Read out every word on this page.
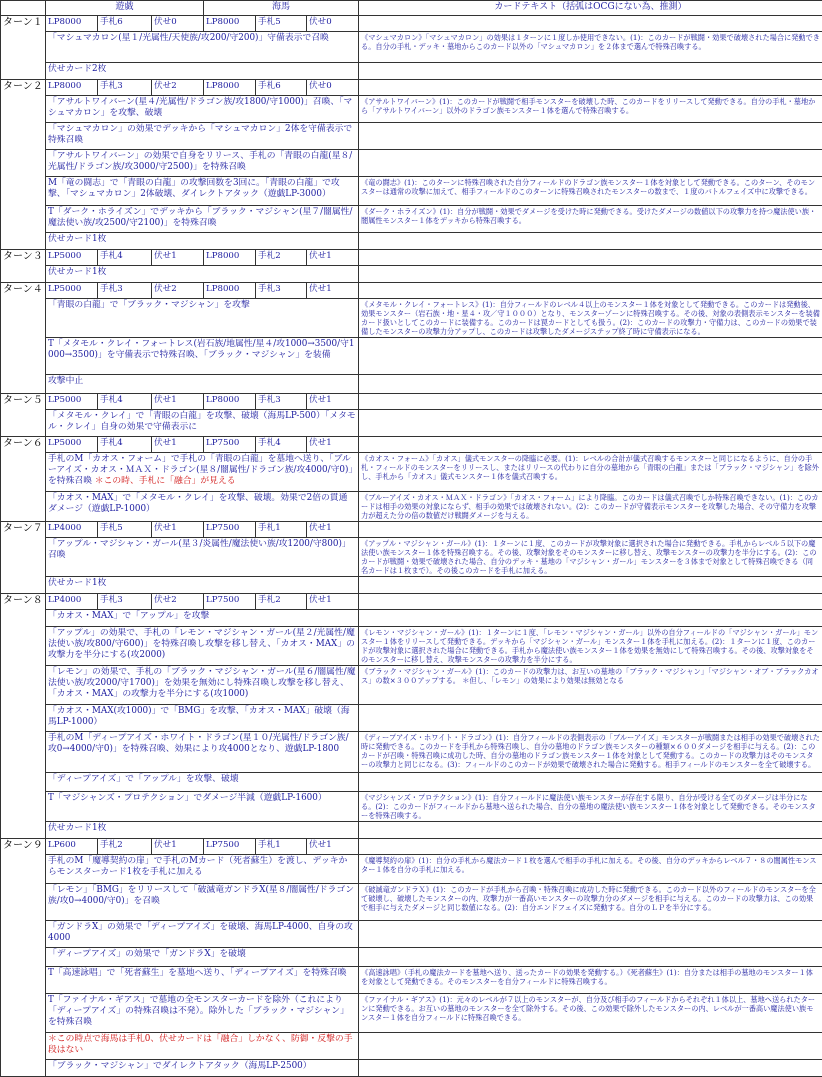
	遊戯			海馬			カードテキスト（括弧はOCGにない為、推測）
ターン１	LP8000	手札6	伏せ0	LP8000	手札5	伏せ0	
	「マシュマカロン(星１/光属性/天使族/攻200/守200)」守備表示で召喚						《マシュマカロン》「マシュマカロン」の効果は１ターンに１度しか使用できない。(1)：このカードが戦闘・効果で破壊された場合に発動できる。自分の手札・デッキ・墓地からこのカード以外の「マシュマカロン」を２体まで選んで特殊召喚する。
	伏せカード2枚						
ターン２	LP8000	手札3	伏せ2	LP8000	手札6	伏せ0	
	「アサルトワイバーン(星４/光属性/ドラゴン族/攻1800/守1000)」召喚、「マシュマカロン」を攻撃、破壊						《アサルトワイバーン》(1)：このカードが戦闘で相手モンスターを破壊した時、このカードをリリースして発動できる。自分の手札・墓地から「アサルトワイバーン」以外のドラゴン族モンスター１体を選んで特殊召喚する。
	「マシュマカロン」の効果でデッキから「マシュマカロン」2体を守備表示で特殊召喚						
	「アサルトワイバーン」の効果で自身をリリース、手札の「青眼の白龍(星８/光属性/ドラゴン族/攻3000/守2500)」を特殊召喚						
	M「竜の闘志」で「青眼の白龍」の攻撃回数を3回に。「青眼の白龍」で攻撃、「マシュマカロン」2体破壊、ダイレクトアタック（遊戯LP-3000）						《竜の闘志》(1)：このターンに特殊召喚された自分フィールドのドラゴン族モンスター１体を対象として発動できる。このターン、そのモンスターは通常の攻撃に加えて、相手フィールドのこのターンに特殊召喚されたモンスターの数まで、１度のバトルフェイズ中に攻撃できる。
	T「ダーク・ホライズン」でデッキから「ブラック・マジシャン(星７/闇属性/魔法使い族/攻2500/守2100)」を特殊召喚						《ダーク・ホライズン》(1)：自分が戦闘・効果でダメージを受けた時に発動できる。受けたダメージの数値以下の攻撃力を持つ魔法使い族・闇属性モンスター１体をデッキから特殊召喚する。
	伏せカード1枚						
ターン３	LP5000	手札4	伏せ1	LP8000	手札2	伏せ1	
	伏せカード1枚						
ターン４	LP5000	手札3	伏せ2	LP8000	手札3	伏せ1	
	「青眼の白龍」で「ブラック・マジシャン」を攻撃						《メタモル・クレイ・フォートレス》(1)：自分フィールドのレベル４以上のモンスター１体を対象として発動できる。このカードは発動後、効果モンスター（岩石族・地・星４・攻／守１０００）となり、モンスターゾーンに特殊召喚する。その後、対象の表側表示モンスターを装備カード扱いとしてこのカードに装備する。このカードは罠カードとしても扱う。(2)：このカードの攻撃力・守備力は、このカードの効果で装備したモンスターの攻撃力分アップし、このカードは攻撃したダメージステップ終了時に守備表示になる。
	T「メタモル・クレイ・フォートレス(岩石族/地属性/星４/攻1000→3500/守1000→3500)」を守備表示で特殊召喚、「ブラック・マジシャン」を装備						
	攻撃中止						
ターン５	LP5000	手札4	伏せ1	LP8000	手札3	伏せ1	
	「メタモル・クレイ」で「青眼の白龍」を攻撃、破壊（海馬LP-500）「メタモル・クレイ」自身の効果で守備表示に						
ターン６	LP5000	手札4	伏せ1	LP7500	手札4	伏せ1	
	手札のM「カオス・フォーム」で手札の「青眼の白龍」を墓地へ送り、「ブルーアイズ・カオス・ＭＡＸ・ドラゴン(星８/闇属性/ドラゴン族/攻4000/守0)」を特殊召喚 ＊この時、手札に「融合」が見える						《カオス・フォーム》「カオス」儀式モンスターの降臨に必要。(1)：レベルの合計が儀式召喚するモンスターと同じになるように、自分の手札・フィールドのモンスターをリリースし、またはリリースの代わりに自分の墓地から「青眼の白龍」または「ブラック・マジシャン」を除外し、手札から「カオス」儀式モンスター１体を儀式召喚する。
	「カオス・MAX」で「メタモル・クレイ」を攻撃、破壊。効果で2倍の貫通ダメージ（遊戯LP-1000）						《ブルーアイズ・カオス・ＭＡＸ・ドラゴン》「カオス・フォーム」により降臨。このカードは儀式召喚でしか特殊召喚できない。(1)：このカードは相手の効果の対象にならず、相手の効果では破壊されない。(2)：このカードが守備表示モンスターを攻撃した場合、その守備力を攻撃力が超えた分の倍の数値だけ戦闘ダメージを与える。
ターン７	LP4000	手札5	伏せ1	LP7500	手札1	伏せ1	
	「アップル・マジシャン・ガール(星３/炎属性/魔法使い族/攻1200/守800)」召喚						《アップル・マジシャン・ガール》(1)：１ターンに１度、このカードが攻撃対象に選択された場合に発動できる。手札からレベル５以下の魔法使い族モンスター１体を特殊召喚する。その後、攻撃対象をそのモンスターに移し替え、攻撃モンスターの攻撃力を半分にする。(2)：このカードが戦闘・効果で破壊された場合、自分のデッキ・墓地の「マジシャン・ガール」モンスターを３体まで対象として特殊召喚できる（同名カードは１枚まで）。その後このカードを手札に加える。
	伏せカード1枚						
ターン８	LP4000	手札3	伏せ2	LP7500	手札2	伏せ1	
	「カオス・MAX」で「アップル」を攻撃						
	「アップル」の効果で、手札の「レモン・マジシャン・ガール(星２/光属性/魔法使い族/攻800/守600)」を特殊召喚し攻撃を移し替え、「カオス・MAX」の攻撃力を半分にする(攻2000)						《レモン・マジシャン・ガール》(1)：１ターンに１度、「レモン・マジシャン・ガール」以外の自分フィールドの「マジシャン・ガール」モンスター１体をリリースして発動できる。デッキから「マジシャン・ガール」モンスター１体を手札に加える。(2)：１ターンに１度、このカードが攻撃対象に選択された場合に発動できる。手札から魔法使い族モンスター１体を効果を無効にして特殊召喚する。その後、攻撃対象をそのモンスターに移し替え、攻撃モンスターの攻撃力を半分にする。
	「レモン」の効果で、手札の「ブラック・マジシャン・ガール(星６/闇属性/魔法使い族/攻2000/守1700)」を効果を無効にし特殊召喚し攻撃を移し替え、「カオス・MAX」の攻撃力を半分にする(攻1000)						《ブラック・マジシャン・ガール》(1)：このカードの攻撃力は、お互いの墓地の「ブラック・マジシャン」「マジシャン・オブ・ブラックカオス」の数×３００アップする。 ＊但し、「レモン」の効果により効果は無効となる
	「カオス・MAX(攻1000)」で「BMG」を攻撃、「カオス・MAX」破壊（海馬LP-1000）						
	手札のM「ディープアイズ・ホワイト・ドラゴン(星１０/光属性/ドラゴン族/攻0→4000/守0)」を特殊召喚、効果により攻4000となり、遊戯LP-1800						《ディープアイズ・ホワイト・ドラゴン》(1)：自分フィールドの表側表示の「ブルーアイズ」モンスターが戦闘または相手の効果で破壊された時に発動できる。このカードを手札から特殊召喚し、自分の墓地のドラゴン族モンスターの種類×６００ダメージを相手に与える。(2)：このカードが召喚・特殊召喚に成功した時、自分の墓地のドラゴン族モンスター１体を対象として発動する。このカードの攻撃力はそのモンスターの攻撃力と同じになる。(3)：フィールドのこのカードが効果で破壊された場合に発動する。相手フィールドのモンスターを全て破壊する。
	「ディープアイズ」で「アップル」を攻撃、破壊						
	T「マジシャンズ・プロテクション」でダメージ半減（遊戯LP-1600）						《マジシャンズ・プロテクション》(1)：自分フィールドに魔法使い族モンスターが存在する限り、自分が受ける全てのダメージは半分になる。(2)：このカードがフィールドから墓地へ送られた場合、自分の墓地の魔法使い族モンスター１体を対象として発動できる。そのモンスターを特殊召喚する。
	伏せカード1枚						
ターン９	LP600	手札2	伏せ1	LP7500	手札1	伏せ1	
	手札のM「魔導契約の扉」で手札のMカード（死者蘇生）を渡し、デッキからモンスターカード1枚を手札に加える						《魔導契約の扉》(1)：自分の手札から魔法カード１枚を選んで相手の手札に加える。その後、自分のデッキからレベル７・８の闇属性モンスター１体を自分の手札に加える。
	「レモン」「BMG」をリリースして「破滅竜ガンドラX(星８/闇属性/ドラゴン族/攻0→4000/守0)」を召喚						《破滅竜ガンドラＸ》(1)：このカードが手札から召喚・特殊召喚に成功した時に発動できる。このカード以外のフィールドのモンスターを全て破壊し、破壊したモンスターの内、攻撃力が一番高いモンスターの攻撃力分のダメージを相手に与える。このカードの攻撃力は、この効果で相手に与えたダメージと同じ数値になる。(2)：自分エンドフェイズに発動する。自分のＬＰを半分にする。
	「ガンドラX」の効果で「ディープアイズ」を破壊、海馬LP-4000、自身の攻4000						
	「ディープアイズ」の効果で「ガンドラX」を破壊						
	T「高速詠唱」で「死者蘇生」を墓地へ送り、「ディープアイズ」を特殊召喚						《高速詠唱》（手札の魔法カードを墓地へ送り、送ったカードの効果を発動する。）《死者蘇生》(1)：自分または相手の墓地のモンスター１体を対象として発動できる。そのモンスターを自分フィールドに特殊召喚する。
	T「ファイナル・ギアス」で墓地の全モンスターカードを除外（これにより「ディープアイズ」の特殊召喚は不発）。除外した「ブラック・マジシャン」を特殊召喚						《ファイナル・ギアス》(1)：元々のレベルが７以上のモンスターが、自分及び相手のフィールドからそれぞれ１体以上、墓地へ送られたターンに発動できる。お互いの墓地のモンスターを全て除外する。その後、この効果で除外したモンスターの内、レベルが一番高い魔法使い族モンスター１体を自分フィールドに特殊召喚できる。
	＊この時点で海馬は手札0、伏せカードは「融合」しかなく、防御・反撃の手段はない						
	「ブラック・マジシャン」でダイレクトアタック（海馬LP-2500）						
